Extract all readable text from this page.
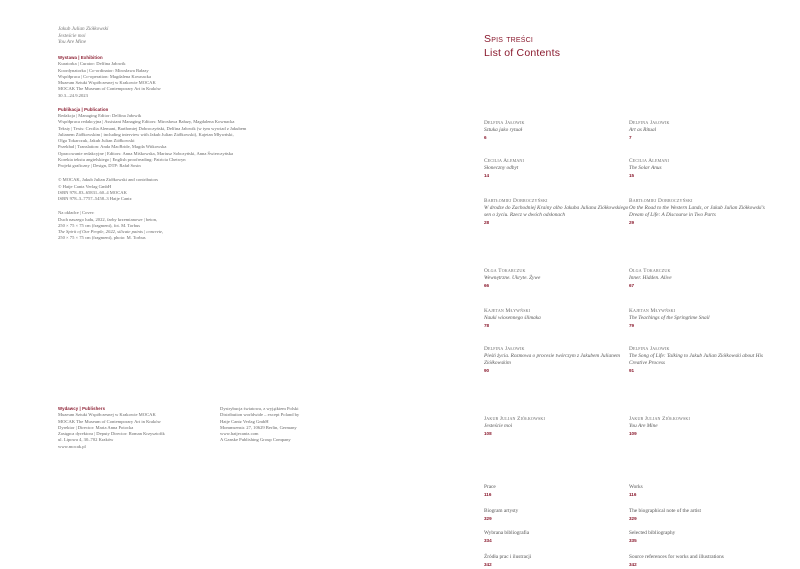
Jakub Julian Ziółkowski
Jesteście moi
You Are Mine
Wystawa | Exhibition
Kuratorka | Curator: Delfina Jałowik
Koordynatorka | Co-ordinator: Mirosława Bałazy
Współpraca | Co-operation: Magdalena Kownacka
Muzeum Sztuki Współczesnej w Krakowie MOCAK
MOCAK The Museum of Contemporary Art in Kraków
30.3.–24.9.2023
Publikacja | Publication
Redakcja | Managing Editor: Delfina Jałowik
Współpraca redakcyjna | Assistant Managing Editors: Mirosława Bałazy, Magdalena Kownacka
Teksty | Texts: Cecilia Alemani, Bartłomiej Dobroczyński, Delfina Jałowik (w tym wywiad z Jakubem
Julianem Ziółkowskim | including interview with Jakub Julian Ziółkowski), Kajetan Mływński,
Olga Tokarczuk, Jakub Julian Ziółkowski
Przekład | Translation: Anda MacBride, Magda Witkowska
Opracowanie redakcyjne | Editors: Anna Miśkowska, Mariusz Sobczyński, Anna Świerczyńska
Korekta tekstu angielskiego | English proofreading: Patricia Chetwyn
Projekt graficzny | Design, DTP: Rafał Sosin
© MOCAK, Jakub Julian Ziółkowski and contributors
© Hatje Cantz Verlag GmbH
ISBN 978–83–65831–60–4 MOCAK
ISBN 978–3–7757–5458–3 Hatje Cantz
Na okładce | Cover:
Duch naszego ludu, 2022, farby krzemianowe | beton,
250 × 75 × 75 cm (fragment), fot. M. Torbus
The Spirit of Our People, 2022, silicate paints | concrete,
250 × 75 × 75 cm (fragment), photo: M. Torbus
Wydawcy | Publishers
Muzeum Sztuki Współczesnej w Krakowie MOCAK
MOCAK The Museum of Contemporary Art in Kraków
Dyrektor | Director: Maria Anna Potocka
Zastępca dyrektora | Deputy Director: Roman Krzysztofik
ul. Lipowa 4, 30–702 Kraków
www.mocak.pl
Dystrybucja światowa, z wyjątkiem Polski
Distribution worldwide – except Poland by
Hatje Cantz Verlag GmbH
Mommsenstr. 27, 10629 Berlin, Germany
www.hatjecantz.com
A Ganske Publishing Group Company
Spis treści
List of Contents
Delfina Jałowik
Sztuka jako rytuał
6
Cecilia Alemani
Słoneczny odbyt
14
Bartłomiej Dobroczyński
W drodze do Zachodniej Krainy albo Jakuba Juliana Ziółkowskiego sen o życiu. Rzecz w dwóch odsłonach
28
Olga Tokarczuk
Wewnętrzne. Ukryte. Żywe
66
Kajetan Mływński
Nauki wiosennego ślimaka
78
Delfina Jałowik
Pieśń życia. Rozmowa o procesie twórczym z Jakubem Julianem Ziółkowskim
90
Jakub Julian Ziółkowski
Jesteście moi
108
Prace
116
Biogram artysty
329
Wybrana bibliografia
334
Źródła prac i ilustracji
342
Delfina Jałowik
Art as Ritual
7
Cecilia Alemani
The Solar Anus
15
Bartłomiej Dobroczyński
On the Road to the Western Lands, or Jakub Julian Ziółkowski’s Dream of Life: A Discourse in Two Parts
29
Olga Tokarczuk
Inner. Hidden. Alive
67
Kajetan Mływński
The Teachings of the Springtime Snail
79
Delfina Jałowik
The Song of Life: Talking to Jakub Julian Ziółkowski about His Creative Process
91
Jakub Julian Ziółkowski
You Are Mine
109
Works
116
The biographical note of the artist
329
Selected bibliography
335
Source references for works and illustrations
342
